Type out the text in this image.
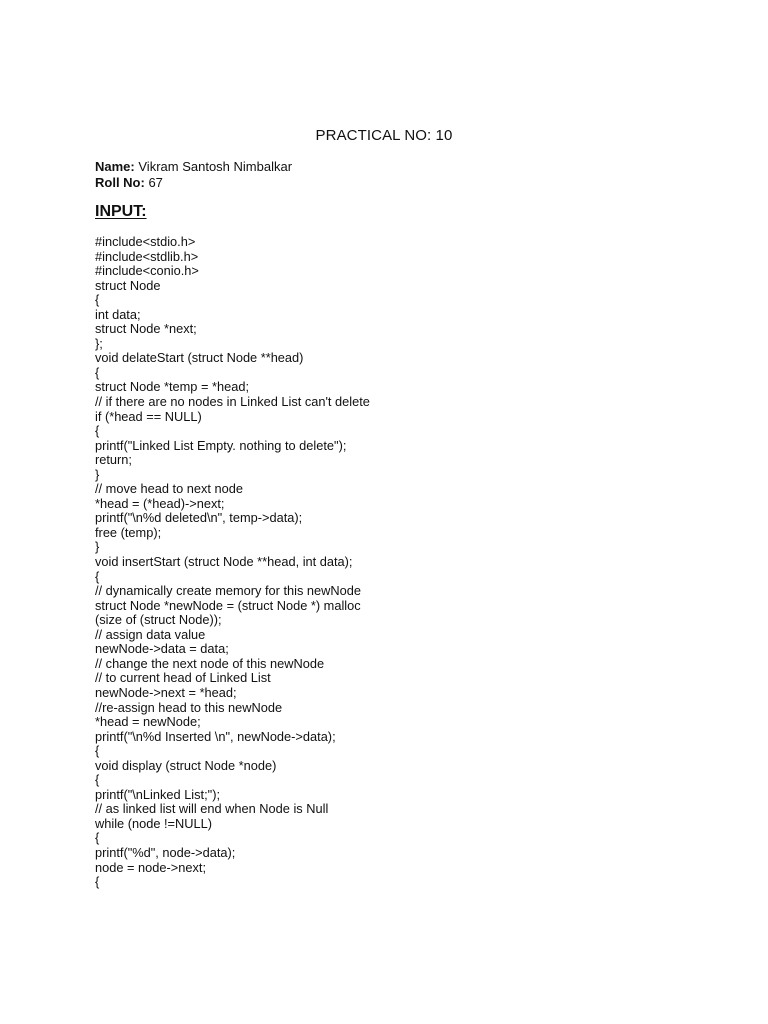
PRACTICAL NO: 10
Name: Vikram Santosh Nimbalkar
Roll No: 67
INPUT:
#include<stdio.h>
#include<stdlib.h>
#include<conio.h>
struct Node
{
int data;
struct Node *next;
};
void delateStart (struct Node **head)
{
struct Node *temp = *head;
// if there are no nodes in Linked List can't delete
if (*head == NULL)
{
printf("Linked List Empty. nothing to delete");
return;
}
// move head to next node
*head = (*head)->next;
printf("\n%d deleted\n", temp->data);
free (temp);
}
void insertStart (struct Node **head, int data);
{
// dynamically create memory for this newNode
struct Node *newNode = (struct Node *) malloc
(size of (struct Node));
// assign data value
newNode->data = data;
// change the next node of this newNode
// to current head of Linked List
newNode->next = *head;
//re-assign head to this newNode
*head = newNode;
printf("\n%d Inserted \n", newNode->data);
{
void display (struct Node *node)
{
printf("\nLinked List;");
// as linked list will end when Node is Null
while (node !=NULL)
{
printf("%d", node->data);
node = node->next;
{
